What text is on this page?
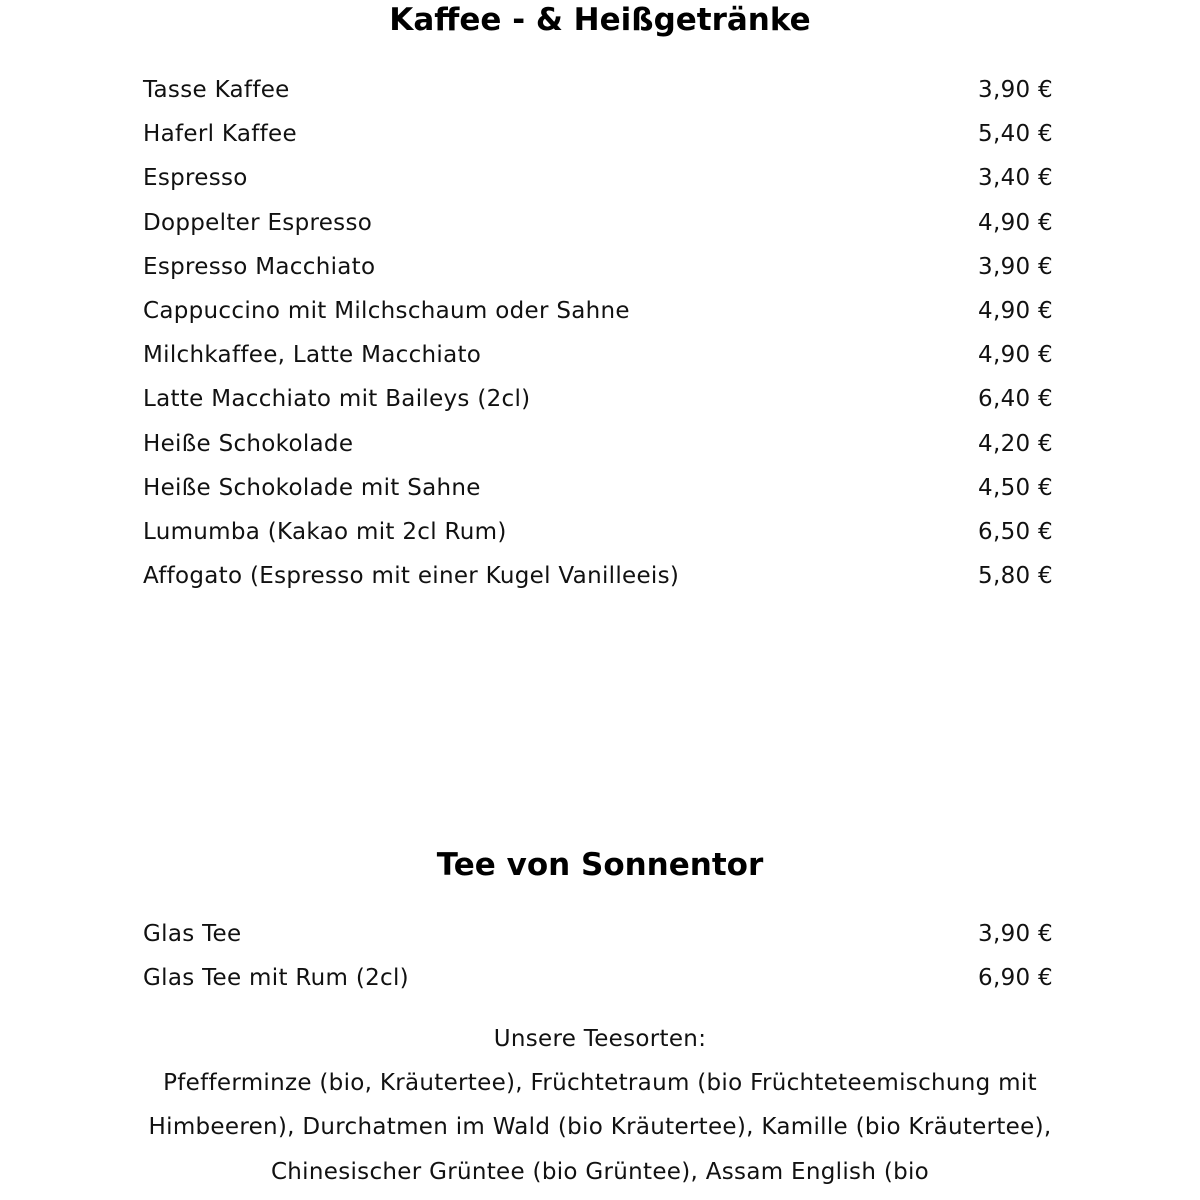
Kaffee - & Heißgetränke
Tasse Kaffee	3,90 €
Haferl Kaffee	5,40 €
Espresso	3,40 €
Doppelter Espresso	4,90 €
Espresso Macchiato	3,90 €
Cappuccino mit Milchschaum oder Sahne	4,90 €
Milchkaffee, Latte Macchiato	4,90 €
Latte Macchiato mit Baileys (2cl)	6,40 €
Heiße Schokolade	4,20 €
Heiße Schokolade mit Sahne	4,50 €
Lumumba (Kakao mit 2cl Rum)	6,50 €
Affogato (Espresso mit einer Kugel Vanilleeis)	5,80 €
Tee von Sonnentor
Glas Tee	3,90 €
Glas Tee mit Rum (2cl)	6,90 €

Unsere Teesorten:

Pfefferminze (bio, Kräutertee), Früchtetraum (bio Früchteteemischung mit Himbeeren), Durchatmen im Wald (bio Kräutertee), Kamille (bio Kräutertee), Chinesischer Grüntee (bio Grüntee), Assam English (bio
